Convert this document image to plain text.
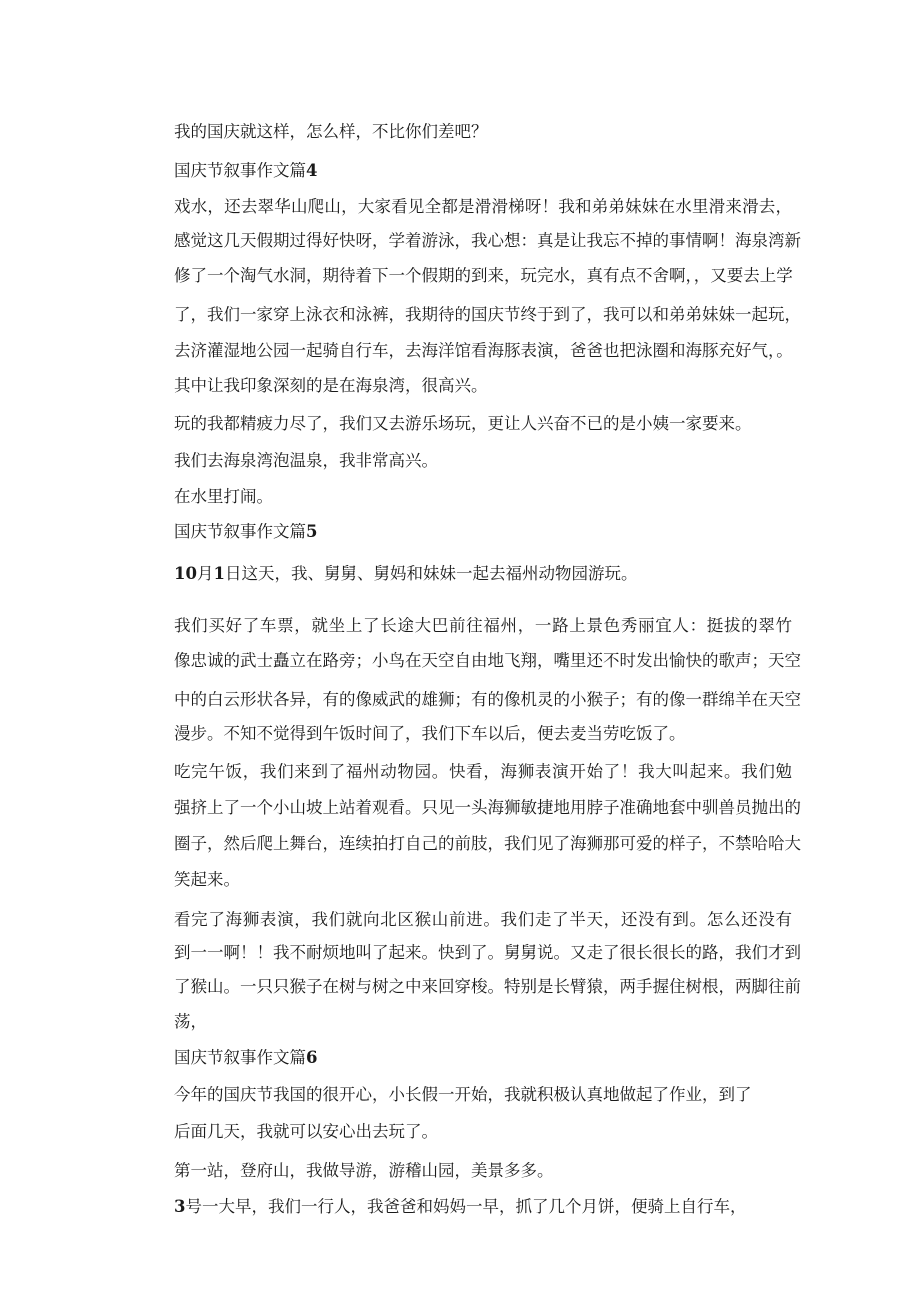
我的国庆就这样，怎么样，不比你们差吧？
国庆节叙事作文篇4
戏水，还去翠华山爬山，大家看见全都是滑滑梯呀！我和弟弟妹妹在水里滑来滑去，
感觉这几天假期过得好快呀，学着游泳，我心想：真是让我忘不掉的事情啊！海泉湾新
修了一个淘气水洞，期待着下一个假期的到来，玩完水，真有点不舍啊，，又要去上学
了，我们一家穿上泳衣和泳裤，我期待的国庆节终于到了，我可以和弟弟妹妹一起玩，
去济灌湿地公园一起骑自行车，去海洋馆看海豚表演，爸爸也把泳圈和海豚充好气，。
其中让我印象深刻的是在海泉湾，很高兴。
玩的我都精疲力尽了，我们又去游乐场玩，更让人兴奋不已的是小姨一家要来。
我们去海泉湾泡温泉，我非常高兴。
在水里打闹。
国庆节叙事作文篇5
10月1日这天，我、舅舅、舅妈和妹妹一起去福州动物园游玩。
我们买好了车票，就坐上了长途大巴前往福州，一路上景色秀丽宜人：挺拔的翠竹
像忠诚的武士矗立在路旁；小鸟在天空自由地飞翔，嘴里还不时发出愉快的歌声；天空
中的白云形状各异，有的像威武的雄狮；有的像机灵的小猴子；有的像一群绵羊在天空
漫步。不知不觉得到午饭时间了，我们下车以后，便去麦当劳吃饭了。
吃完午饭，我们来到了福州动物园。快看，海狮表演开始了！我大叫起来。我们勉
强挤上了一个小山坡上站着观看。只见一头海狮敏捷地用脖子准确地套中驯兽员抛出的
圈子，然后爬上舞台，连续拍打自己的前肢，我们见了海狮那可爱的样子，不禁哈哈大
笑起来。
看完了海狮表演，我们就向北区猴山前进。我们走了半天，还没有到。怎么还没有
到一一啊！！我不耐烦地叫了起来。快到了。舅舅说。又走了很长很长的路，我们才到
了猴山。一只只猴子在树与树之中来回穿梭。特别是长臂猿，两手握住树根，两脚往前
荡，
国庆节叙事作文篇6
今年的国庆节我国的很开心，小长假一开始，我就积极认真地做起了作业，到了
后面几天，我就可以安心出去玩了。
第一站，登府山，我做导游，游稽山园，美景多多。
3号一大早，我们一行人，我爸爸和妈妈一早，抓了几个月饼，便骑上自行车，
